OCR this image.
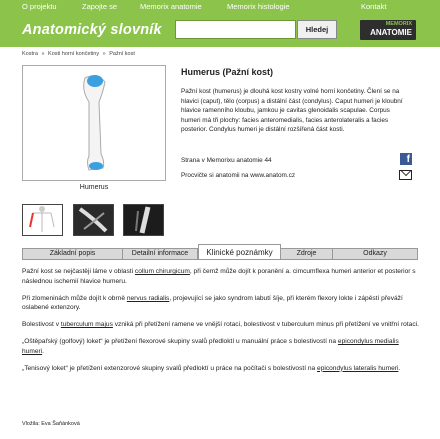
O projektu	Zapojte se	Memorix anatomie	Memorix histologie	Kontakt
Anatomický slovník	Hledej
MEMORIX
ANATOMIE
Kostra » Kosti horní končetiny » Pažní kost
Humerus
Humerus (Pažní kost)
Pažní kost (humerus) je dlouhá kost kostry volné horní končetiny. Člení se na hlavici (caput), tělo (corpus) a distální část (condylus). Caput humeri je kloubní hlavice ramenního kloubu, jamkou je cavitas glenoidalis scapulae. Corpus humeri má tři plochy: facies anteromedialis, facies anterolateralis a facies posterior. Condylus humeri je distální rozšířená část kosti.
Strana v Memorixu anatomie 44
Procvičte si anatomii na www.anatom.cz
f
Základní popis	Detailní informace	Klinické poznámky	Zdroje	Odkazy

Pažní kost se nejčastěji láme v oblasti collum chirurgicum, při čemž může dojít k poranění a. cimcumflexa humeri anterior et posterior s následnou ischemií hlavice humeru.

Při zlomeninách může dojít k obrně nervus radialis, projevující se jako syndrom labutí šíje, při kterém flexory lokte i zápěstí převáží oslabené extenzory.

Bolestivost v tuberculum majus vzniká při přetížení ramene ve vnější rotaci, bolestivost v tuberculum minus při přetížení ve vnitřní rotaci.

„Oštěpařský (golfový) loket“ je přetížení flexorové skupiny svalů předloktí u manuální práce s bolestivostí na epicondylus medialis humeri.

„Tenisový loket“ je přetížení extenzorové skupiny svalů předloktí u práce na počítači s bolestivostí na epicondylus lateralis humeri.

Vložila: Eva Šaňánková
